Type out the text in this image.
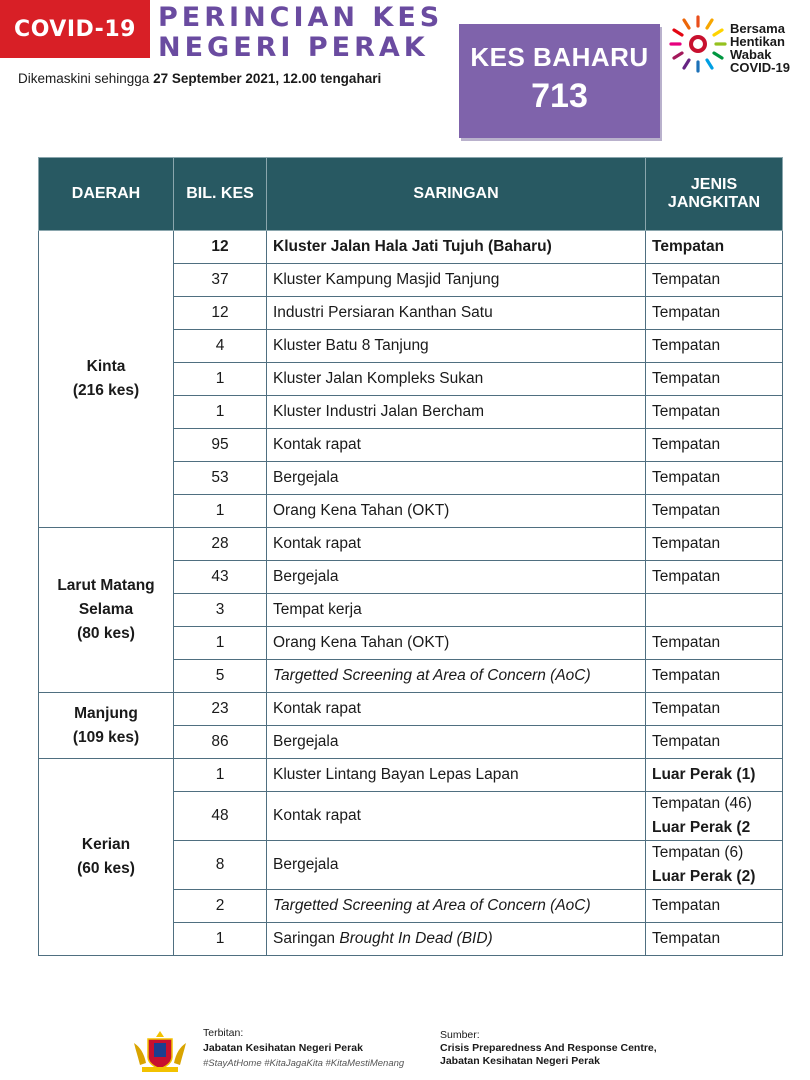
COVID-19 PERINCIAN KES
NEGERI PERAK
Dikemaskini sehingga 27 September 2021, 12.00 tengahari
KES BAHARU
713
Bersama
Hentikan
Wabak
COVID-19
DAERAH	BIL. KES	SARINGAN	JENIS
JANGKITAN
Kinta
(216 kes)	12	Kluster Jalan Hala Jati Tujuh (Baharu)	Tempatan
	37	Kluster Kampung Masjid Tanjung	Tempatan
	12	Industri Persiaran Kanthan Satu	Tempatan
	4	Kluster Batu 8 Tanjung	Tempatan
	1	Kluster Jalan Kompleks Sukan	Tempatan
	1	Kluster Industri Jalan Bercham	Tempatan
	95	Kontak rapat	Tempatan
	53	Bergejala	Tempatan
	1	Orang Kena Tahan (OKT)	Tempatan
Larut Matang
Selama
(80 kes)	28	Kontak rapat	Tempatan
	43	Bergejala	Tempatan
	3	Tempat kerja	
	1	Orang Kena Tahan (OKT)	Tempatan
	5	Targetted Screening at Area of Concern (AoC)	Tempatan
Manjung
(109 kes)	23	Kontak rapat	Tempatan
	86	Bergejala	Tempatan
Kerian
(60 kes)	1	Kluster Lintang Bayan Lepas Lapan	Luar Perak (1)
	48	Kontak rapat	Tempatan (46)
Luar Perak (2
	8	Bergejala	Tempatan (6)
Luar Perak (2)
	2	Targetted Screening at Area of Concern (AoC)	Tempatan
	1	Saringan Brought In Dead (BID)	Tempatan
Terbitan:
Jabatan Kesihatan Negeri Perak
#StayAtHome #KitaJagaKita #KitaMestiMenang
Sumber:
Crisis Preparedness And Response Centre,
Jabatan Kesihatan Negeri Perak
